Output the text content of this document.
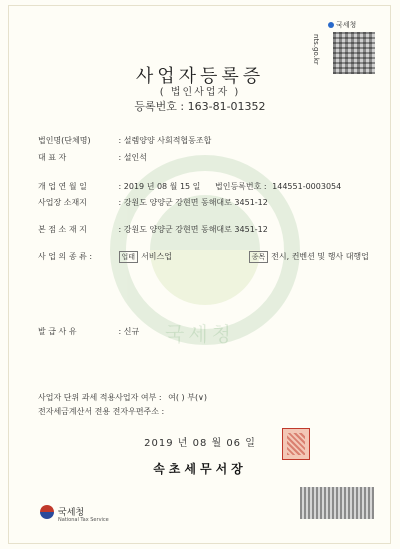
국세청
국세청
nts.go.kr
사업자등록증
( 법인사업자 )
등록번호 : 163-81-01352
법인명(단체명)	: 설렘양양 사회적협동조합
대 표 자	: 설인석
개 업 연 월 일	: 2019 년 08 월 15 일 법인등록번호 : 144551-0003054
사업장 소재지	: 강원도 양양군 강현면 동해대로 3451-12
본 점 소 재 지	: 강원도 양양군 강현면 동해대로 3451-12
사 업 의 종 류 :	업태 서비스업	종목 전시, 컨벤션 및 행사 대행업
발 급 사 유	: 신규
사업자 단위 과세 적용사업자 여부 : 여( ) 부(∨)
전자세금계산서 전용 전자우편주소 :
2019 년 08 월 06 일
속초세무서장
국세청
National Tax Service
